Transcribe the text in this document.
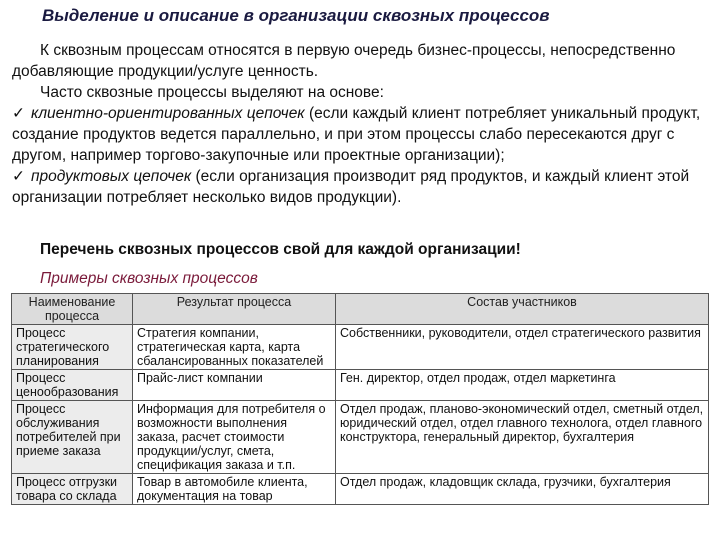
Выделение и описание в организации сквозных процессов

К сквозным процессам относятся в первую очередь бизнес-процессы, непосредственно добавляющие продукции/услуге ценность.

Часто сквозные процессы выделяют на основе:

✓ клиентно-ориентированных цепочек (если каждый клиент потребляет уникальный продукт, создание продуктов ведется параллельно, и при этом процессы слабо пересекаются друг с другом, например торгово-закупочные или проектные организации);

✓ продуктовых цепочек (если организация производит ряд продуктов, и каждый клиент этой организации потребляет несколько видов продукции).

Перечень сквозных процессов свой для каждой организации!
Примеры сквозных процессов
Наименование процесса	Результат процесса	Состав участников
Процесс стратегического планирования	Стратегия компании, стратегическая карта, карта сбалансированных показателей	Собственники, руководители, отдел стратегического развития
Процесс ценообразования	Прайс-лист компании	Ген. директор, отдел продаж, отдел маркетинга
Процесс обслуживания потребителей при приеме заказа	Информация для потребителя о возможности выполнения заказа, расчет стоимости продукции/услуг, смета, спецификация заказа и т.п.	Отдел продаж, планово-экономический отдел, сметный отдел, юридический отдел, отдел главного технолога, отдел главного конструктора, генеральный директор, бухгалтерия
Процесс отгрузки товара со склада	Товар в автомобиле клиента, документация на товар	Отдел продаж, кладовщик склада, грузчики, бухгалтерия
